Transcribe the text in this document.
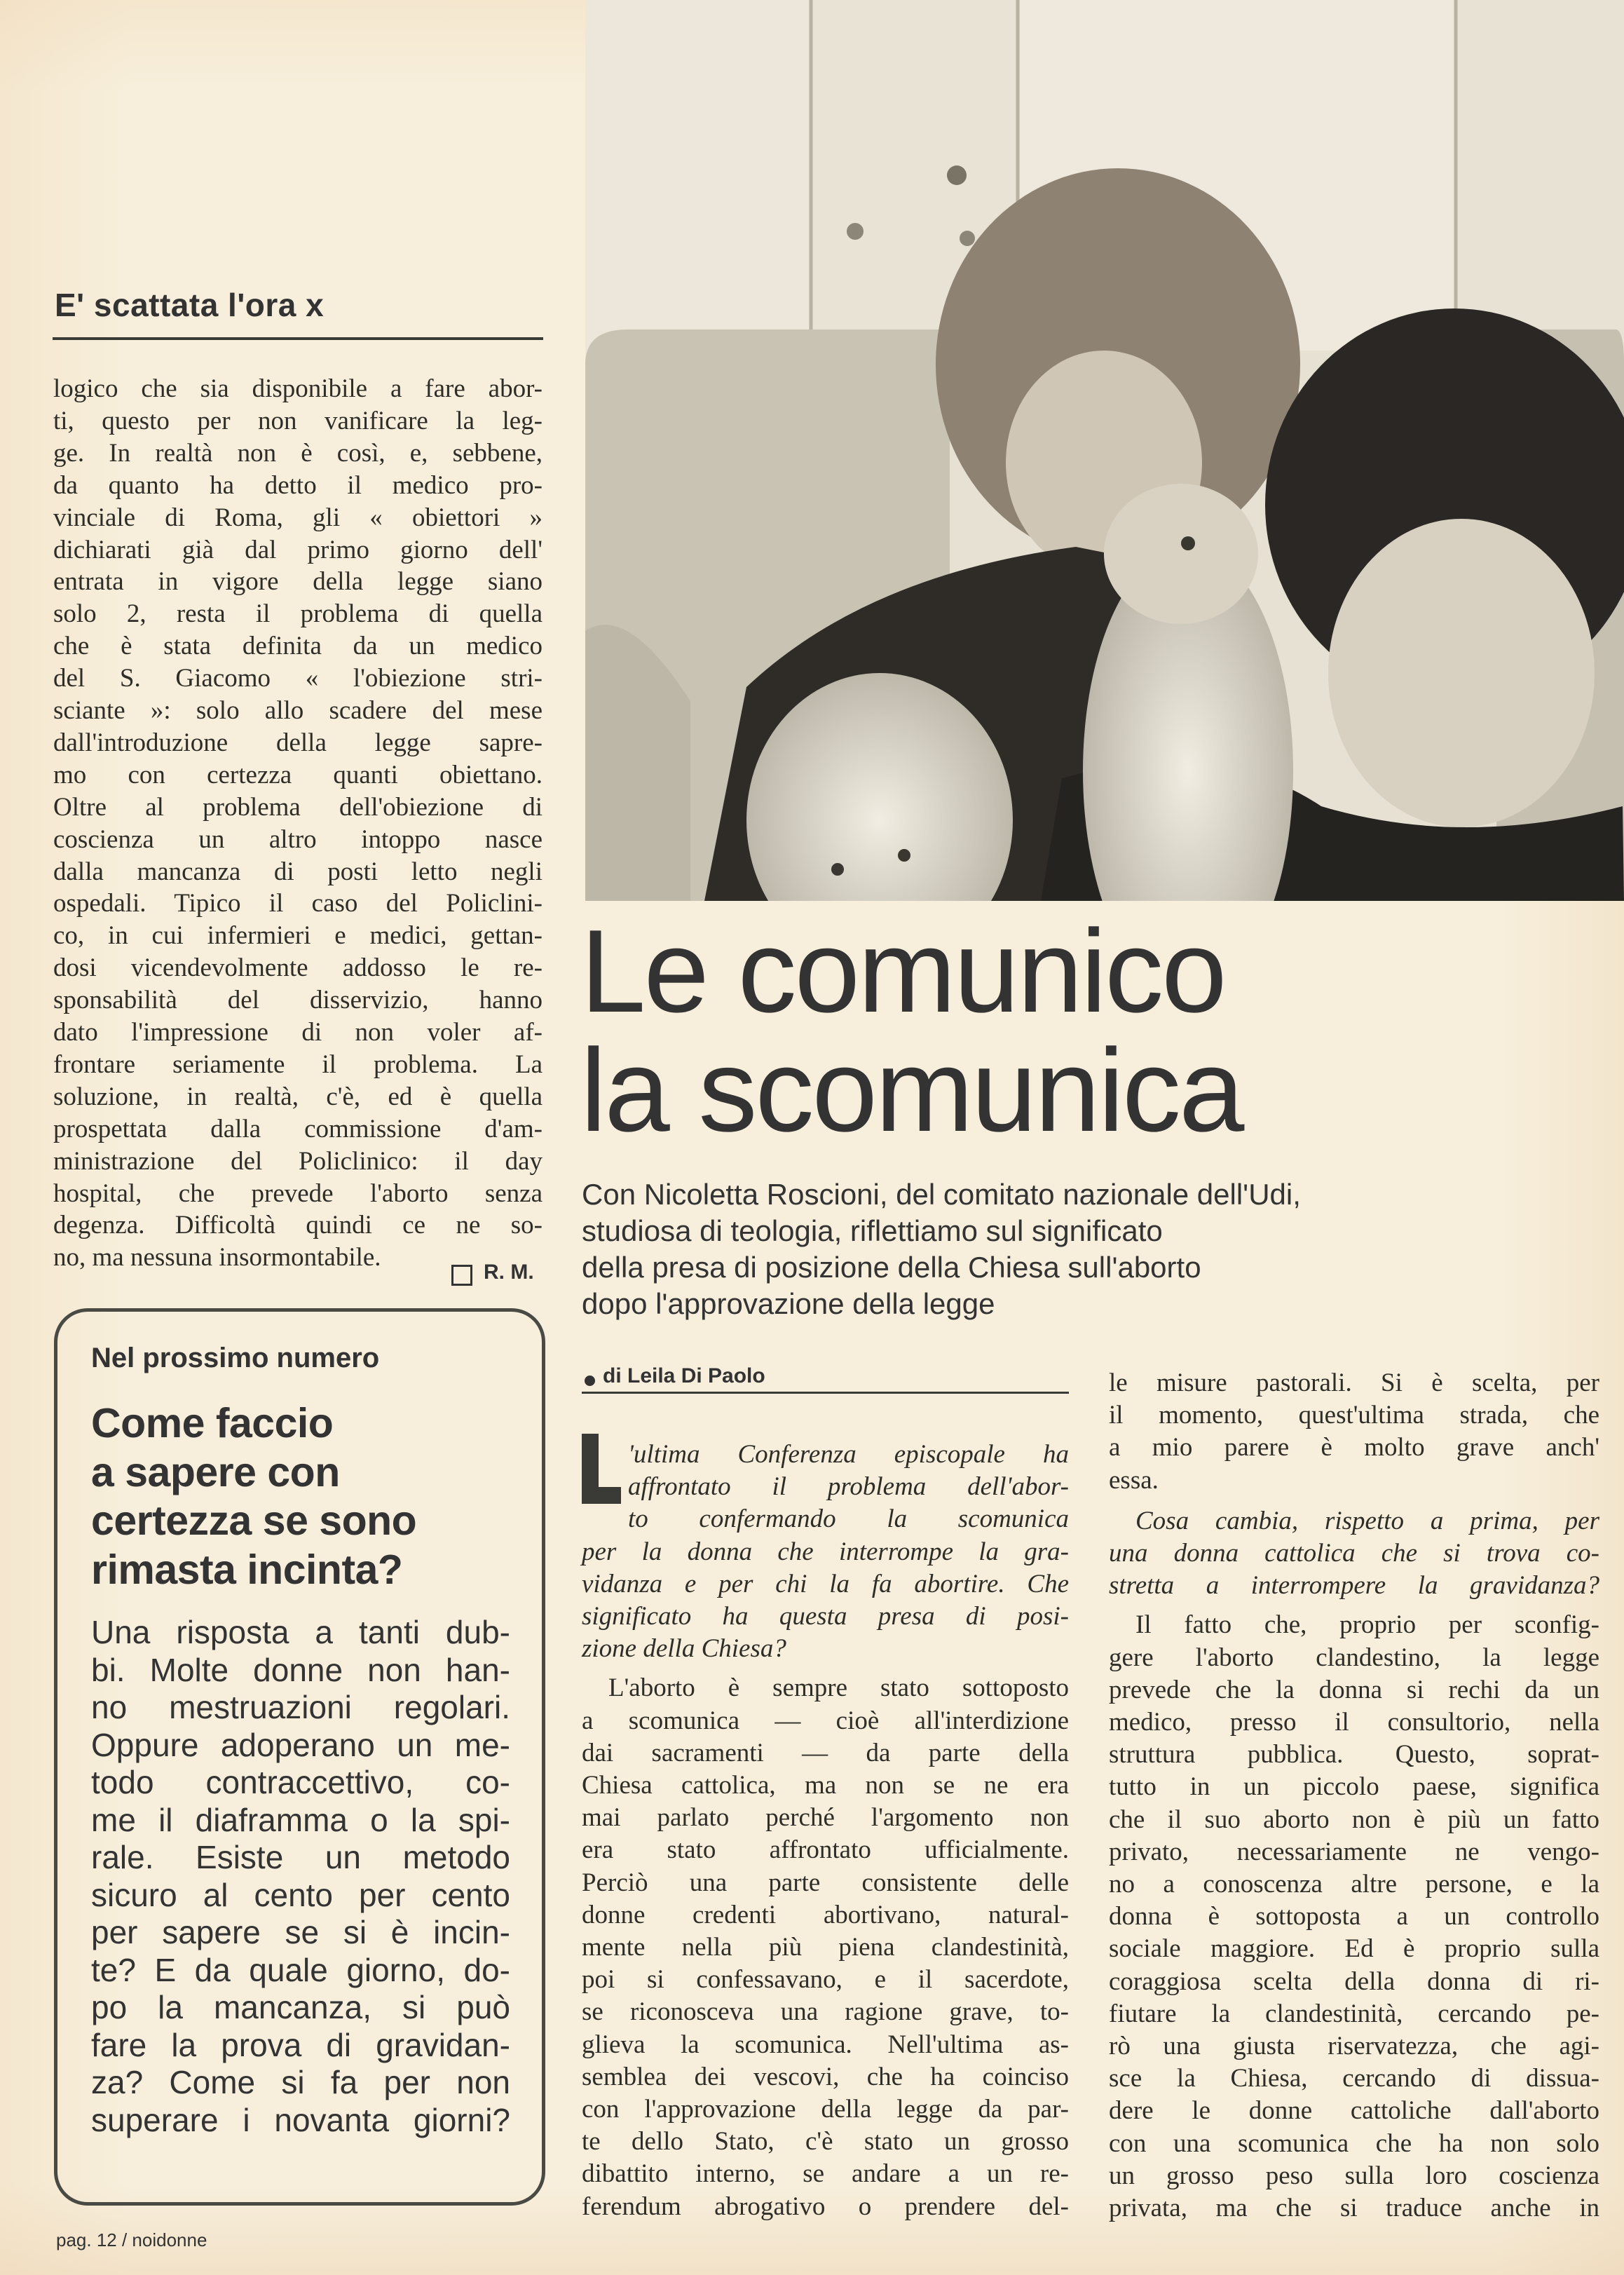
E' scattata l'ora x
logico che sia disponibile a fare abor-
ti, questo per non vanificare la leg-
ge. In realtà non è così, e, sebbene,
da quanto ha detto il medico pro-
vinciale di Roma, gli « obiettori »
dichiarati già dal primo giorno dell'
entrata in vigore della legge siano
solo 2, resta il problema di quella
che è stata definita da un medico
del S. Giacomo « l'obiezione stri-
sciante »: solo allo scadere del mese
dall'introduzione della legge sapre-
mo con certezza quanti obiettano.
Oltre al problema dell'obiezione di
coscienza un altro intoppo nasce
dalla mancanza di posti letto negli
ospedali. Tipico il caso del Policlini-
co, in cui infermieri e medici, gettan-
dosi vicendevolmente addosso le re-
sponsabilità del disservizio, hanno
dato l'impressione di non voler af-
frontare seriamente il problema. La
soluzione, in realtà, c'è, ed è quella
prospettata dalla commissione d'am-
ministrazione del Policlinico: il day
hospital, che prevede l'aborto senza
degenza. Difficoltà quindi ce ne so-
no, ma nessuna insormontabile.
R. M.
Nel prossimo numero
Come faccio
a sapere con
certezza se sono
rimasta incinta?
Una risposta a tanti dub-
bi. Molte donne non han-
no mestruazioni regolari.
Oppure adoperano un me-
todo contraccettivo, co-
me il diaframma o la spi-
rale. Esiste un metodo
sicuro al cento per cento
per sapere se si è incin-
te? E da quale giorno, do-
po la mancanza, si può
fare la prova di gravidan-
za? Come si fa per non
superare i novanta giorni?
pag. 12 / noidonne
Le comunico
la scomunica
Con Nicoletta Roscioni, del comitato nazionale dell'Udi,
studiosa di teologia, riflettiamo sul significato
della presa di posizione della Chiesa sull'aborto
dopo l'approvazione della legge
di Leila Di Paolo
'ultima Conferenza episcopale ha
affrontato il problema dell'abor-
to confermando la scomunica
per la donna che interrompe la gra-
vidanza e per chi la fa abortire. Che
significato ha questa presa di posi-
zione della Chiesa?
L'aborto è sempre stato sottoposto
a scomunica — cioè all'interdizione
dai sacramenti — da parte della
Chiesa cattolica, ma non se ne era
mai parlato perché l'argomento non
era stato affrontato ufficialmente.
Perciò una parte consistente delle
donne credenti abortivano, natural-
mente nella più piena clandestinità,
poi si confessavano, e il sacerdote,
se riconosceva una ragione grave, to-
glieva la scomunica. Nell'ultima as-
semblea dei vescovi, che ha coinciso
con l'approvazione della legge da par-
te dello Stato, c'è stato un grosso
dibattito interno, se andare a un re-
ferendum abrogativo o prendere del-
le misure pastorali. Si è scelta, per
il momento, quest'ultima strada, che
a mio parere è molto grave anch'
essa.
Cosa cambia, rispetto a prima, per
una donna cattolica che si trova co-
stretta a interrompere la gravidanza?
Il fatto che, proprio per sconfig-
gere l'aborto clandestino, la legge
prevede che la donna si rechi da un
medico, presso il consultorio, nella
struttura pubblica. Questo, soprat-
tutto in un piccolo paese, significa
che il suo aborto non è più un fatto
privato, necessariamente ne vengo-
no a conoscenza altre persone, e la
donna è sottoposta a un controllo
sociale maggiore. Ed è proprio sulla
coraggiosa scelta della donna di ri-
fiutare la clandestinità, cercando pe-
rò una giusta riservatezza, che agi-
sce la Chiesa, cercando di dissua-
dere le donne cattoliche dall'aborto
con una scomunica che ha non solo
un grosso peso sulla loro coscienza
privata, ma che si traduce anche in
